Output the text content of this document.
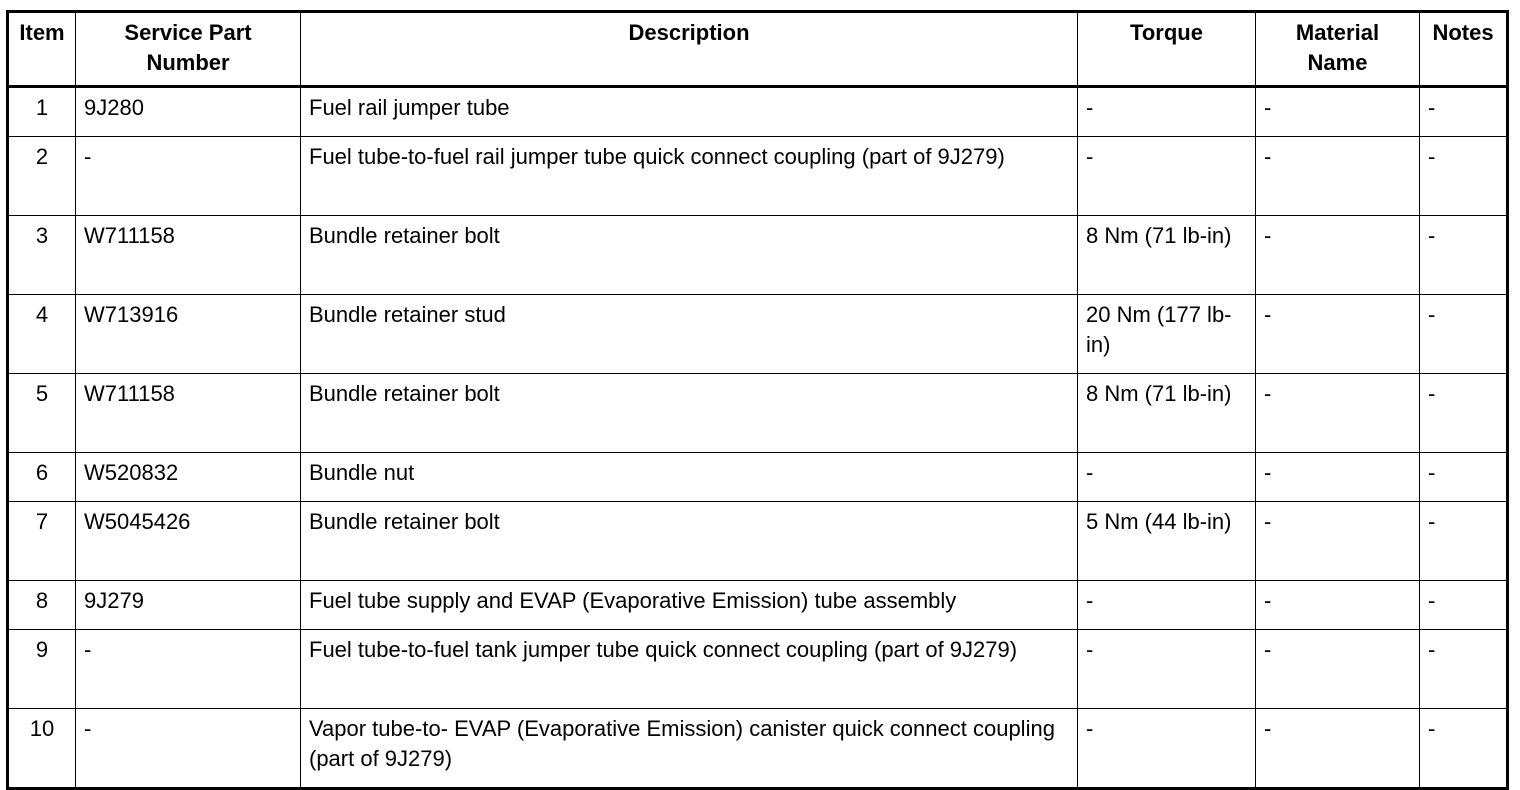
Item	Service Part Number	Description	Torque	Material Name	Notes
1	9J280	Fuel rail jumper tube	-	-	-
2	-	Fuel tube-to-fuel rail jumper tube quick connect coupling (part of 9J279)	-	-	-
3	W711158	Bundle retainer bolt	8 Nm (71 lb-in)	-	-
4	W713916	Bundle retainer stud	20 Nm (177 lb-in)	-	-
5	W711158	Bundle retainer bolt	8 Nm (71 lb-in)	-	-
6	W520832	Bundle nut	-	-	-
7	W5045426	Bundle retainer bolt	5 Nm (44 lb-in)	-	-
8	9J279	Fuel tube supply and EVAP (Evaporative Emission) tube assembly	-	-	-
9	-	Fuel tube-to-fuel tank jumper tube quick connect coupling (part of 9J279)	-	-	-
10	-	Vapor tube-to- EVAP (Evaporative Emission) canister quick connect coupling (part of 9J279)	-	-	-
